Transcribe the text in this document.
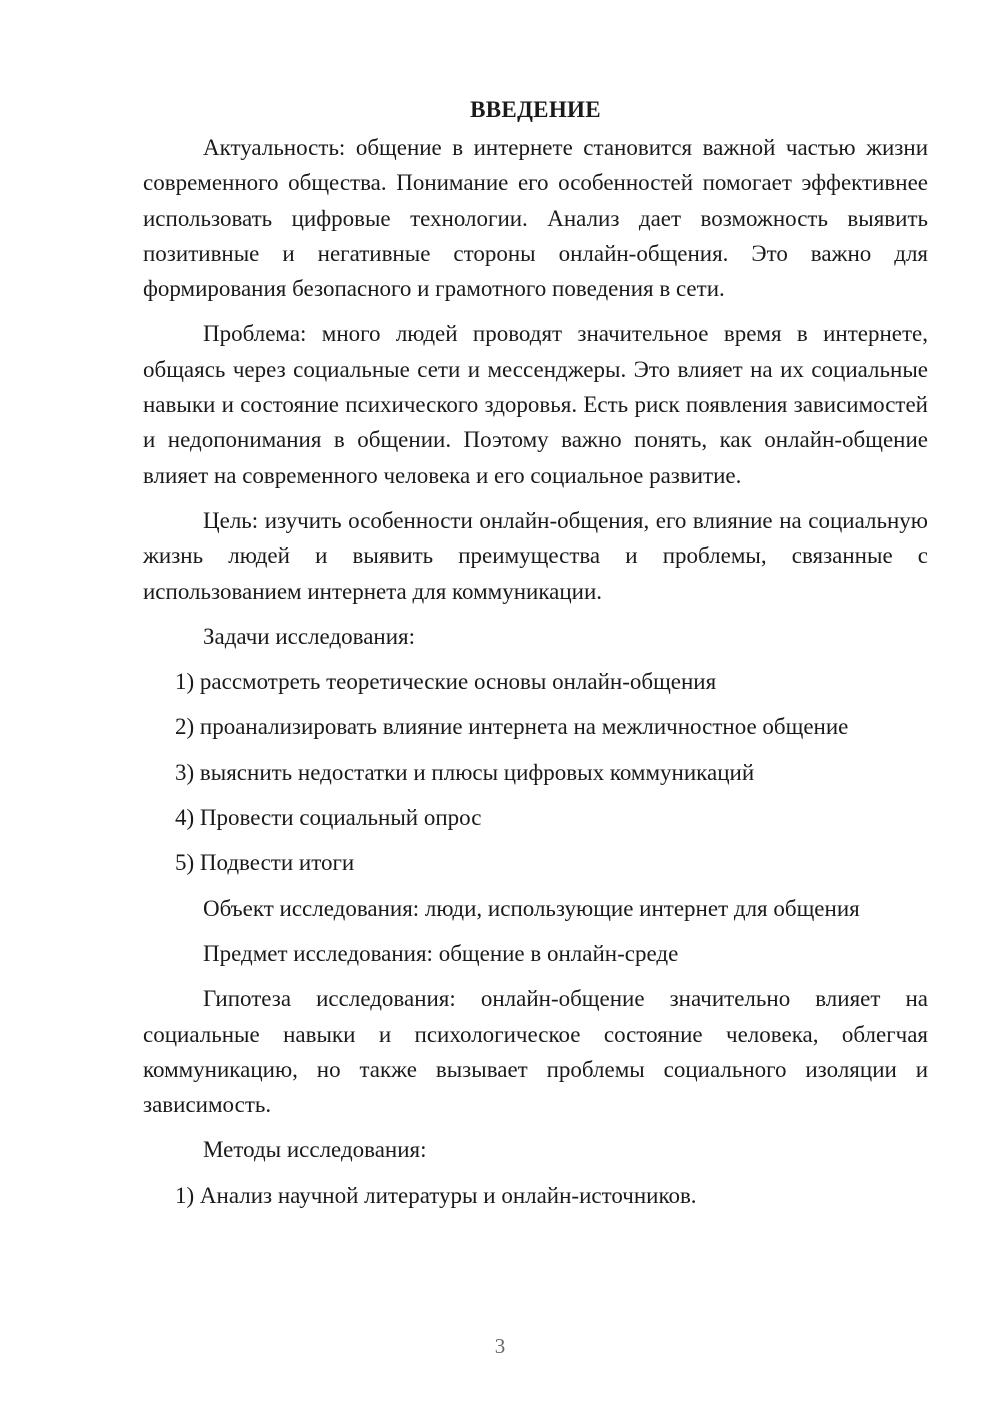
ВВЕДЕНИЕ

Актуальность: общение в интернете становится важной частью жизни современного общества. Понимание его особенностей помогает эффективнее использовать цифровые технологии. Анализ дает возможность выявить позитивные и негативные стороны онлайн-общения. Это важно для формирования безопасного и грамотного поведения в сети.

Проблема: много людей проводят значительное время в интернете, общаясь через социальные сети и мессенджеры. Это влияет на их социальные навыки и состояние психического здоровья. Есть риск появления зависимостей и недопонимания в общении. Поэтому важно понять, как онлайн-общение влияет на современного человека и его социальное развитие.

Цель: изучить особенности онлайн-общения, его влияние на социальную жизнь людей и выявить преимущества и проблемы, связанные с использованием интернета для коммуникации.

Задачи исследования:

1) рассмотреть теоретические основы онлайн-общения

2) проанализировать влияние интернета на межличностное общение

3) выяснить недостатки и плюсы цифровых коммуникаций

4) Провести социальный опрос

5) Подвести итоги

Объект исследования: люди, использующие интернет для общения

Предмет исследования: общение в онлайн-среде

Гипотеза исследования: онлайн-общение значительно влияет на социальные навыки и психологическое состояние человека, облегчая коммуникацию, но также вызывает проблемы социального изоляции и зависимость.

Методы исследования:

1) Анализ научной литературы и онлайн-источников.

3
